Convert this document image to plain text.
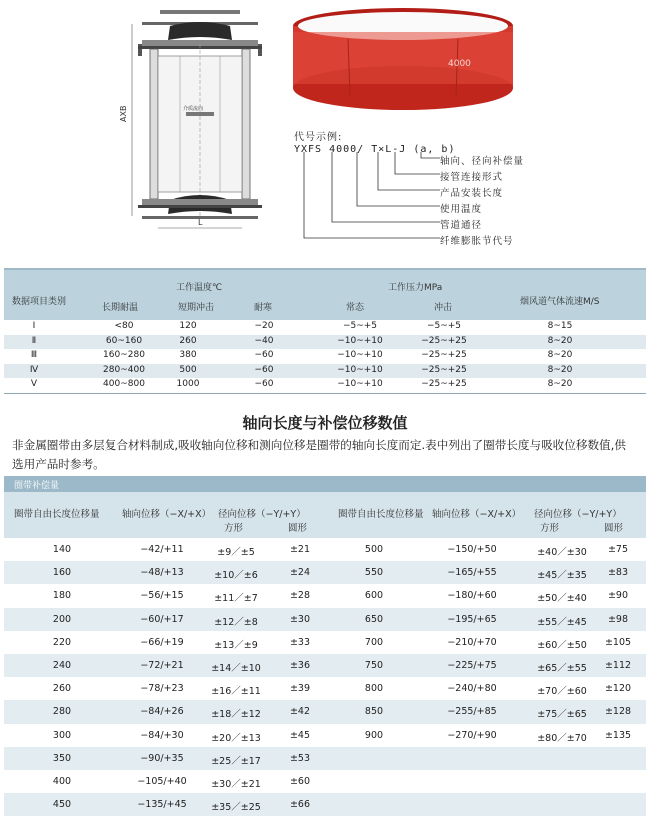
AXB
L
介质流向
4000
代号示例:
YXFS 4000/ T×L-J (a, b)
轴向、径向补偿量
接管连接形式
产品安装长度
使用温度
管道通径
纤维膨胀节代号
数据项目类别
工作温度℃
长期耐温	短期冲击	耐寒
工作压力MPa
常态	冲击
烟风道气体流速M/S
Ⅰ	<80	120	−20	−5~+5	−5~+5	8~15
Ⅱ	60~160	260	−40	−10~+10	−25~+25	8~20
Ⅲ	160~280	380	−60	−10~+10	−25~+25	8~20
Ⅳ	280~400	500	−60	−10~+10	−25~+25	8~20
Ⅴ	400~800	1000	−60	−10~+10	−25~+25	8~20
轴向长度与补偿位移数值
非金属圈带由多层复合材料制成,吸收轴向位移和测向位移是圈带的轴向长度而定.表中列出了圈带长度与吸收位移数值,供选用产品时参考。
圈带补偿量
圈带自由长度位移量 轴向位移（−X/+X） 径向位移（−Y/+Y）
方形	圆形
圈带自由长度位移量 轴向位移（−X/+X） 径向位移（−Y/+Y）
方形	圆形
140	−42/+11	±9／±5	±21	500	−150/+50	±40／±30 ±75
160	−48/+13	±10／±6	±24	550	−165/+55	±45／±35 ±83
180	−56/+15	±11／±7	±28	600	−180/+60	±50／±40 ±90
200	−60/+17	±12／±8	±30	650	−195/+65	±55／±45 ±98
220	−66/+19	±13／±9	±33	700	−210/+70	±60／±50 ±105
240	−72/+21	±14／±10	±36	750	−225/+75	±65／±55 ±112
260	−78/+23	±16／±11	±39	800	−240/+80	±70／±60 ±120
280	−84/+26	±18／±12	±42	850	−255/+85	±75／±65 ±128
300	−84/+30	±20／±13	±45	900	−270/+90	±80／±70 ±135
350	−90/+35	±25／±17	±53
400	−105/+40	±30／±21	±60
450	−135/+45	±35／±25	±66
